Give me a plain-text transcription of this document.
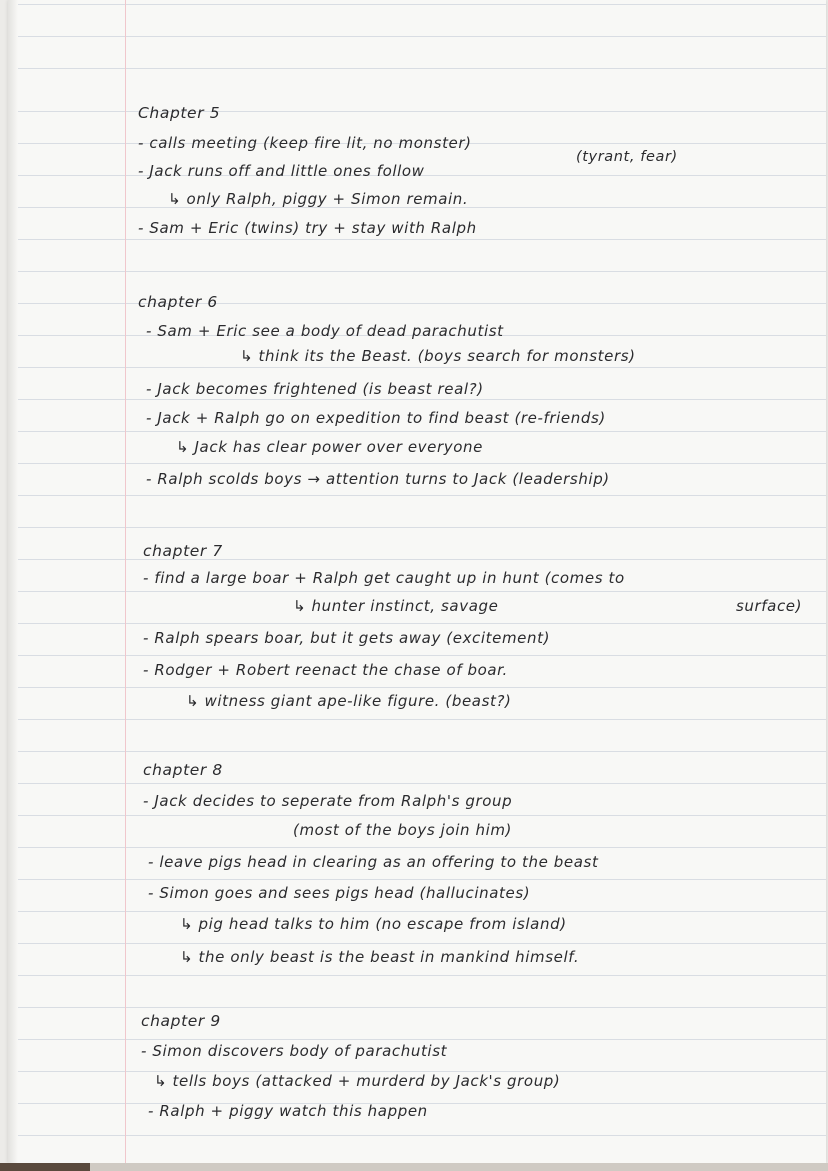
Chapter 5
- calls meeting (keep fire lit, no monster)
- Jack runs off and little ones follow
(tyrant, fear)
↳ only Ralph, piggy + Simon remain.
- Sam + Eric (twins) try + stay with Ralph
chapter 6
- Sam + Eric see a body of dead parachutist
↳ think its the Beast. (boys search for monsters)
- Jack becomes frightened (is beast real?)
- Jack + Ralph go on expedition to find beast (re-friends)
↳ Jack has clear power over everyone
- Ralph scolds boys → attention turns to Jack (leadership)
chapter 7
- find a large boar + Ralph get caught up in hunt (comes to
↳ hunter instinct, savage	surface)
- Ralph spears boar, but it gets away (excitement)
- Rodger + Robert reenact the chase of boar.
↳ witness giant ape-like figure. (beast?)
chapter 8
- Jack decides to seperate from Ralph's group
(most of the boys join him)
- leave pigs head in clearing as an offering to the beast
- Simon goes and sees pigs head (hallucinates)
↳ pig head talks to him (no escape from island)
↳ the only beast is the beast in mankind himself.
chapter 9
- Simon discovers body of parachutist
↳ tells boys (attacked + murderd by Jack's group)
- Ralph + piggy watch this happen
